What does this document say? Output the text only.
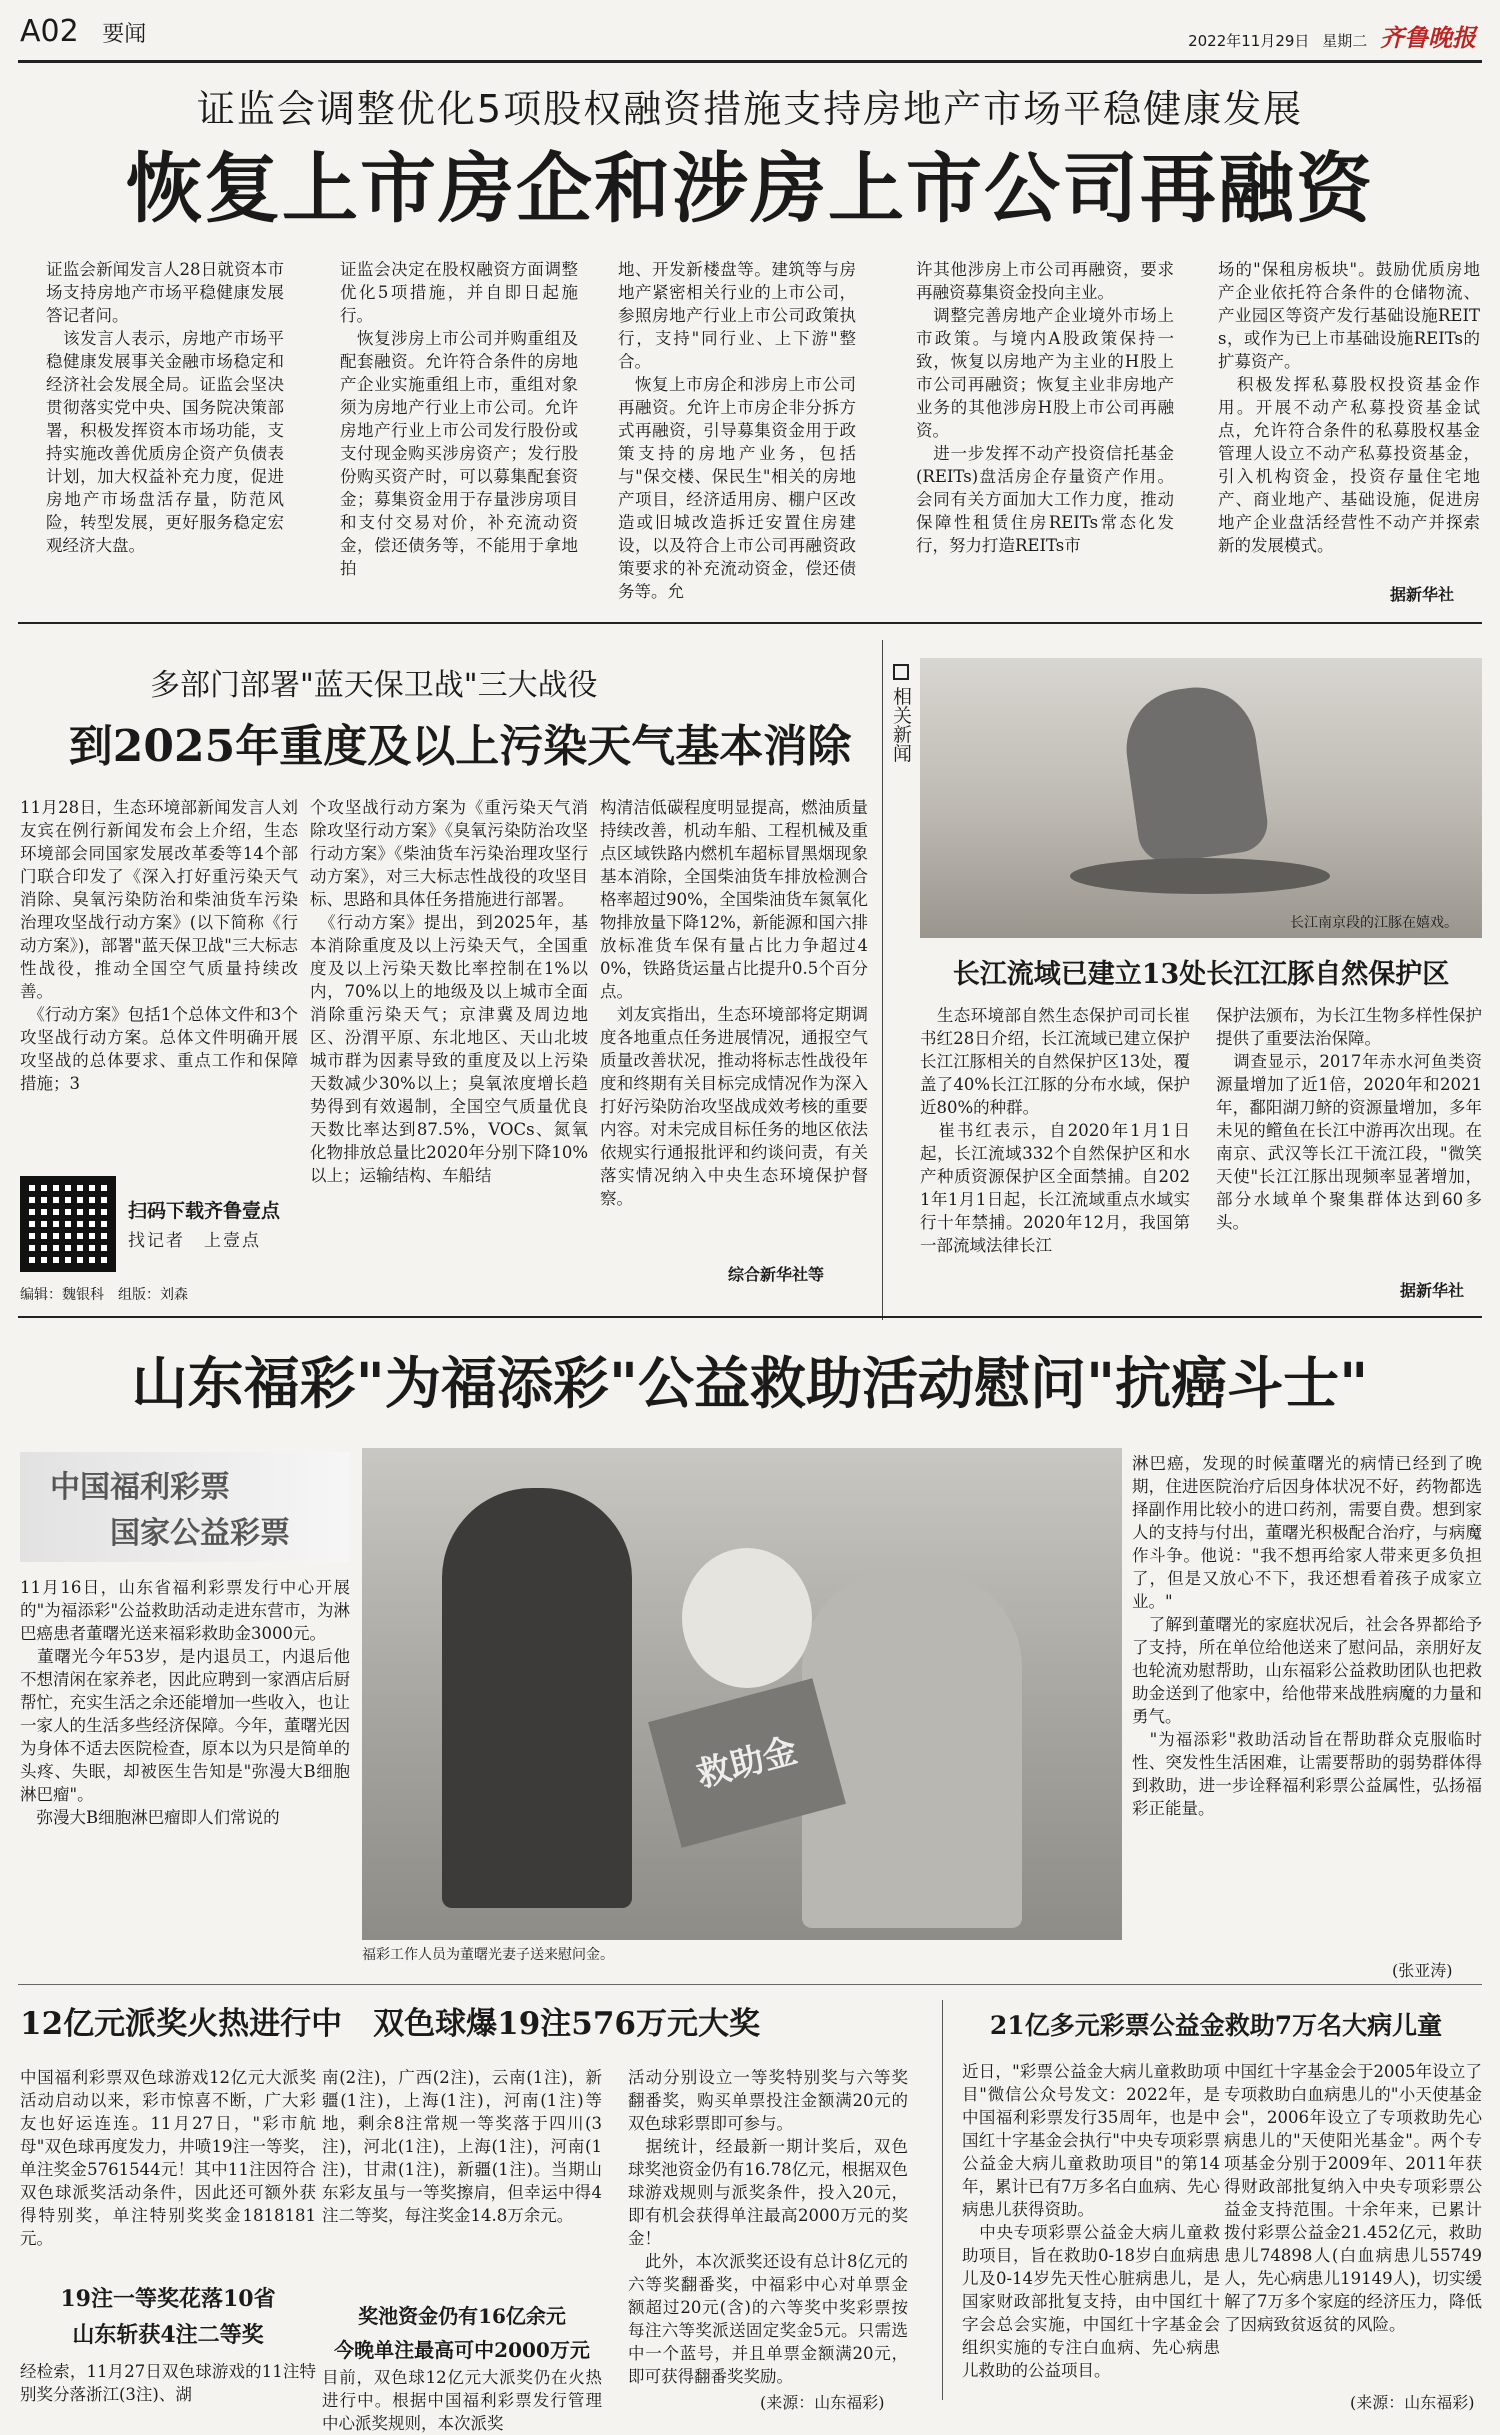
A02 要闻	2022年11月29日 星期二 齐鲁晚报
证监会调整优化5项股权融资措施支持房地产市场平稳健康发展
恢复上市房企和涉房上市公司再融资
证监会新闻发言人28日就资本市场支持房地产市场平稳健康发展答记者问。
　该发言人表示，房地产市场平稳健康发展事关金融市场稳定和经济社会发展全局。证监会坚决贯彻落实党中央、国务院决策部署，积极发挥资本市场功能，支持实施改善优质房企资产负债表计划，加大权益补充力度，促进房地产市场盘活存量，防范风险，转型发展，更好服务稳定宏观经济大盘。
证监会决定在股权融资方面调整优化5项措施，并自即日起施行。
　恢复涉房上市公司并购重组及配套融资。允许符合条件的房地产企业实施重组上市，重组对象须为房地产行业上市公司。允许房地产行业上市公司发行股份或支付现金购买涉房资产；发行股份购买资产时，可以募集配套资金；募集资金用于存量涉房项目和支付交易对价，补充流动资金，偿还债务等，不能用于拿地拍
地、开发新楼盘等。建筑等与房地产紧密相关行业的上市公司，参照房地产行业上市公司政策执行，支持"同行业、上下游"整合。
　恢复上市房企和涉房上市公司再融资。允许上市房企非分拆方式再融资，引导募集资金用于政策支持的房地产业务，包括与"保交楼、保民生"相关的房地产项目，经济适用房、棚户区改造或旧城改造拆迁安置住房建设，以及符合上市公司再融资政策要求的补充流动资金，偿还债务等。允
许其他涉房上市公司再融资，要求再融资募集资金投向主业。
　调整完善房地产企业境外市场上市政策。与境内A股政策保持一致，恢复以房地产为主业的H股上市公司再融资；恢复主业非房地产业务的其他涉房H股上市公司再融资。
　进一步发挥不动产投资信托基金(REITs)盘活房企存量资产作用。会同有关方面加大工作力度，推动保障性租赁住房REITs常态化发行，努力打造REITs市
场的"保租房板块"。鼓励优质房地产企业依托符合条件的仓储物流、产业园区等资产发行基础设施REITs，或作为已上市基础设施REITs的扩募资产。
　积极发挥私募股权投资基金作用。开展不动产私募投资基金试点，允许符合条件的私募股权基金管理人设立不动产私募投资基金，引入机构资金，投资存量住宅地产、商业地产、基础设施，促进房地产企业盘活经营性不动产并探索新的发展模式。
据新华社
多部门部署"蓝天保卫战"三大战役
到2025年重度及以上污染天气基本消除
11月28日，生态环境部新闻发言人刘友宾在例行新闻发布会上介绍，生态环境部会同国家发展改革委等14个部门联合印发了《深入打好重污染天气消除、臭氧污染防治和柴油货车污染治理攻坚战行动方案》(以下简称《行动方案》)，部署"蓝天保卫战"三大标志性战役，推动全国空气质量持续改善。
　《行动方案》包括1个总体文件和3个攻坚战行动方案。总体文件明确开展攻坚战的总体要求、重点工作和保障措施；3
个攻坚战行动方案为《重污染天气消除攻坚行动方案》《臭氧污染防治攻坚行动方案》《柴油货车污染治理攻坚行动方案》，对三大标志性战役的攻坚目标、思路和具体任务措施进行部署。
　《行动方案》提出，到2025年，基本消除重度及以上污染天气，全国重度及以上污染天数比率控制在1%以内，70%以上的地级及以上城市全面消除重污染天气；京津冀及周边地区、汾渭平原、东北地区、天山北坡城市群为因素导致的重度及以上污染天数减少30%以上；臭氧浓度增长趋势得到有效遏制，全国空气质量优良天数比率达到87.5%，VOCs、氮氧化物排放总量比2020年分别下降10%以上；运输结构、车船结
构清洁低碳程度明显提高，燃油质量持续改善，机动车船、工程机械及重点区域铁路内燃机车超标冒黑烟现象基本消除，全国柴油货车排放检测合格率超过90%，全国柴油货车氮氧化物排放量下降12%，新能源和国六排放标准货车保有量占比力争超过40%，铁路货运量占比提升0.5个百分点。
　刘友宾指出，生态环境部将定期调度各地重点任务进展情况，通报空气质量改善状况，推动将标志性战役年度和终期有关目标完成情况作为深入打好污染防治攻坚战成效考核的重要内容。对未完成目标任务的地区依法依规实行通报批评和约谈问责，有关落实情况纳入中央生态环境保护督察。
综合新华社等
扫码下载齐鲁壹点
找记者　上壹点
编辑：魏银科　组版：刘森
相关新闻
长江南京段的江豚在嬉戏。
长江流域已建立13处长江江豚自然保护区
　生态环境部自然生态保护司司长崔书红28日介绍，长江流域已建立保护长江江豚相关的自然保护区13处，覆盖了40%长江江豚的分布水域，保护近80%的种群。
　崔书红表示，自2020年1月1日起，长江流域332个自然保护区和水产种质资源保护区全面禁捕。自2021年1月1日起，长江流域重点水域实行十年禁捕。2020年12月，我国第一部流域法律长江
保护法颁布，为长江生物多样性保护提供了重要法治保障。
　调查显示，2017年赤水河鱼类资源量增加了近1倍，2020年和2021年，鄱阳湖刀鲚的资源量增加，多年未见的鳤鱼在长江中游再次出现。在南京、武汉等长江干流江段，"微笑天使"长江江豚出现频率显著增加，部分水域单个聚集群体达到60多头。
据新华社
山东福彩"为福添彩"公益救助活动慰问"抗癌斗士"
中国福利彩票
国家公益彩票
11月16日，山东省福利彩票发行中心开展的"为福添彩"公益救助活动走进东营市，为淋巴癌患者董曙光送来福彩救助金3000元。
　董曙光今年53岁，是内退员工，内退后他不想清闲在家养老，因此应聘到一家酒店后厨帮忙，充实生活之余还能增加一些收入，也让一家人的生活多些经济保障。今年，董曙光因为身体不适去医院检查，原本以为只是简单的头疼、失眠，却被医生告知是"弥漫大B细胞淋巴瘤"。
　弥漫大B细胞淋巴瘤即人们常说的
救助金
福彩工作人员为董曙光妻子送来慰问金。
淋巴癌，发现的时候董曙光的病情已经到了晚期，住进医院治疗后因身体状况不好，药物都选择副作用比较小的进口药剂，需要自费。想到家人的支持与付出，董曙光积极配合治疗，与病魔作斗争。他说："我不想再给家人带来更多负担了，但是又放心不下，我还想看着孩子成家立业。"
　了解到董曙光的家庭状况后，社会各界都给予了支持，所在单位给他送来了慰问品，亲朋好友也轮流劝慰帮助，山东福彩公益救助团队也把救助金送到了他家中，给他带来战胜病魔的力量和勇气。
　"为福添彩"救助活动旨在帮助群众克服临时性、突发性生活困难，让需要帮助的弱势群体得到救助，进一步诠释福利彩票公益属性，弘扬福彩正能量。
(张亚涛)
12亿元派奖火热进行中　双色球爆19注576万元大奖
中国福利彩票双色球游戏12亿元大派奖活动启动以来，彩市惊喜不断，广大彩友也好运连连。11月27日，"彩市航母"双色球再度发力，井喷19注一等奖，单注奖金5761544元！其中11注因符合双色球派奖活动条件，因此还可额外获得特别奖，单注特别奖奖金1818181元。
19注一等奖花落10省
山东斩获4注二等奖
经检索，11月27日双色球游戏的11注特别奖分落浙江(3注)、湖
南(2注)，广西(2注)，云南(1注)，新疆(1注)，上海(1注)，河南(1注)等地，剩余8注常规一等奖落于四川(3注)，河北(1注)，上海(1注)，河南(1注)，甘肃(1注)，新疆(1注)。当期山东彩友虽与一等奖擦肩，但幸运中得4注二等奖，每注奖金14.8万余元。
奖池资金仍有16亿余元
今晚单注最高可中2000万元
目前，双色球12亿元大派奖仍在火热进行中。根据中国福利彩票发行管理中心派奖规则，本次派奖
活动分别设立一等奖特别奖与六等奖翻番奖，购买单票投注金额满20元的双色球彩票即可参与。
　据统计，经最新一期计奖后，双色球奖池资金仍有16.78亿元，根据双色球游戏规则与派奖条件，投入20元，即有机会获得单注最高2000万元的奖金！
　此外，本次派奖还设有总计8亿元的六等奖翻番奖，中福彩中心对单票金额超过20元(含)的六等奖中奖彩票按每注六等奖派送固定奖金5元。只需选中一个蓝号，并且单票金额满20元，即可获得翻番奖奖励。
(来源：山东福彩)
21亿多元彩票公益金救助7万名大病儿童
近日，"彩票公益金大病儿童救助项目"微信公众号发文：2022年，是中国福利彩票发行35周年，也是中国红十字基金会执行"中央专项彩票公益金大病儿童救助项目"的第14年，累计已有7万多名白血病、先心病患儿获得资助。
　中央专项彩票公益金大病儿童救助项目，旨在救助0-18岁白血病患儿及0-14岁先天性心脏病患儿，是国家财政部批复支持，由中国红十字会总会实施，中国红十字基金会组织实施的专注白血病、先心病患儿救助的公益项目。
中国红十字基金会于2005年设立了专项救助白血病患儿的"小天使基金会"，2006年设立了专项救助先心病患儿的"天使阳光基金"。两个专项基金分别于2009年、2011年获得财政部批复纳入中央专项彩票公益金支持范围。十余年来，已累计拨付彩票公益金21.452亿元，救助患儿74898人(白血病患儿55749人，先心病患儿19149人)，切实缓解了7万多个家庭的经济压力，降低了因病致贫返贫的风险。
(来源：山东福彩)
